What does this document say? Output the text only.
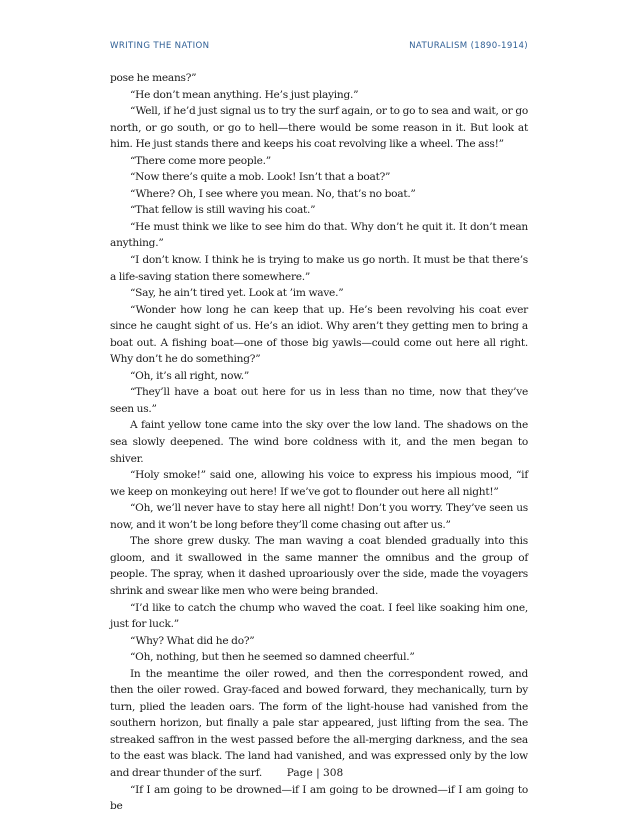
WRITING THE NATION	NATURALISM (1890-1914)

pose he means?”

“He don’t mean anything. He’s just playing.”

“Well, if he’d just signal us to try the surf again, or to go to sea and wait, or go north, or go south, or go to hell—there would be some reason in it. But look at him. He just stands there and keeps his coat revolving like a wheel. The ass!”

“There come more people.”

“Now there’s quite a mob. Look! Isn’t that a boat?”

“Where? Oh, I see where you mean. No, that’s no boat.”

“That fellow is still waving his coat.”

“He must think we like to see him do that. Why don’t he quit it. It don’t mean anything.”

“I don’t know. I think he is trying to make us go north. It must be that there’s a life-saving station there somewhere.”

“Say, he ain’t tired yet. Look at ’im wave.”

“Wonder how long he can keep that up. He’s been revolving his coat ever since he caught sight of us. He’s an idiot. Why aren’t they getting men to bring a boat out. A fishing boat—one of those big yawls—could come out here all right. Why don’t he do something?”

“Oh, it’s all right, now.”

“They’ll have a boat out here for us in less than no time, now that they’ve seen us.”

A faint yellow tone came into the sky over the low land. The shadows on the sea slowly deepened. The wind bore coldness with it, and the men began to shiver.

“Holy smoke!” said one, allowing his voice to express his impious mood, “if we keep on monkeying out here! If we’ve got to flounder out here all night!”

“Oh, we’ll never have to stay here all night! Don’t you worry. They’ve seen us now, and it won’t be long before they’ll come chasing out after us.”

The shore grew dusky. The man waving a coat blended gradually into this gloom, and it swallowed in the same manner the omnibus and the group of people. The spray, when it dashed uproariously over the side, made the voyagers shrink and swear like men who were being branded.

“I’d like to catch the chump who waved the coat. I feel like soaking him one, just for luck.”

“Why? What did he do?”

“Oh, nothing, but then he seemed so damned cheerful.”

In the meantime the oiler rowed, and then the correspondent rowed, and then the oiler rowed. Gray-faced and bowed forward, they mechanically, turn by turn, plied the leaden oars. The form of the light-house had vanished from the southern horizon, but finally a pale star appeared, just lifting from the sea. The streaked saffron in the west passed before the all-merging darkness, and the sea to the east was black. The land had vanished, and was expressed only by the low and drear thunder of the surf.

“If I am going to be drowned—if I am going to be drowned—if I am going to be

Page | 308
